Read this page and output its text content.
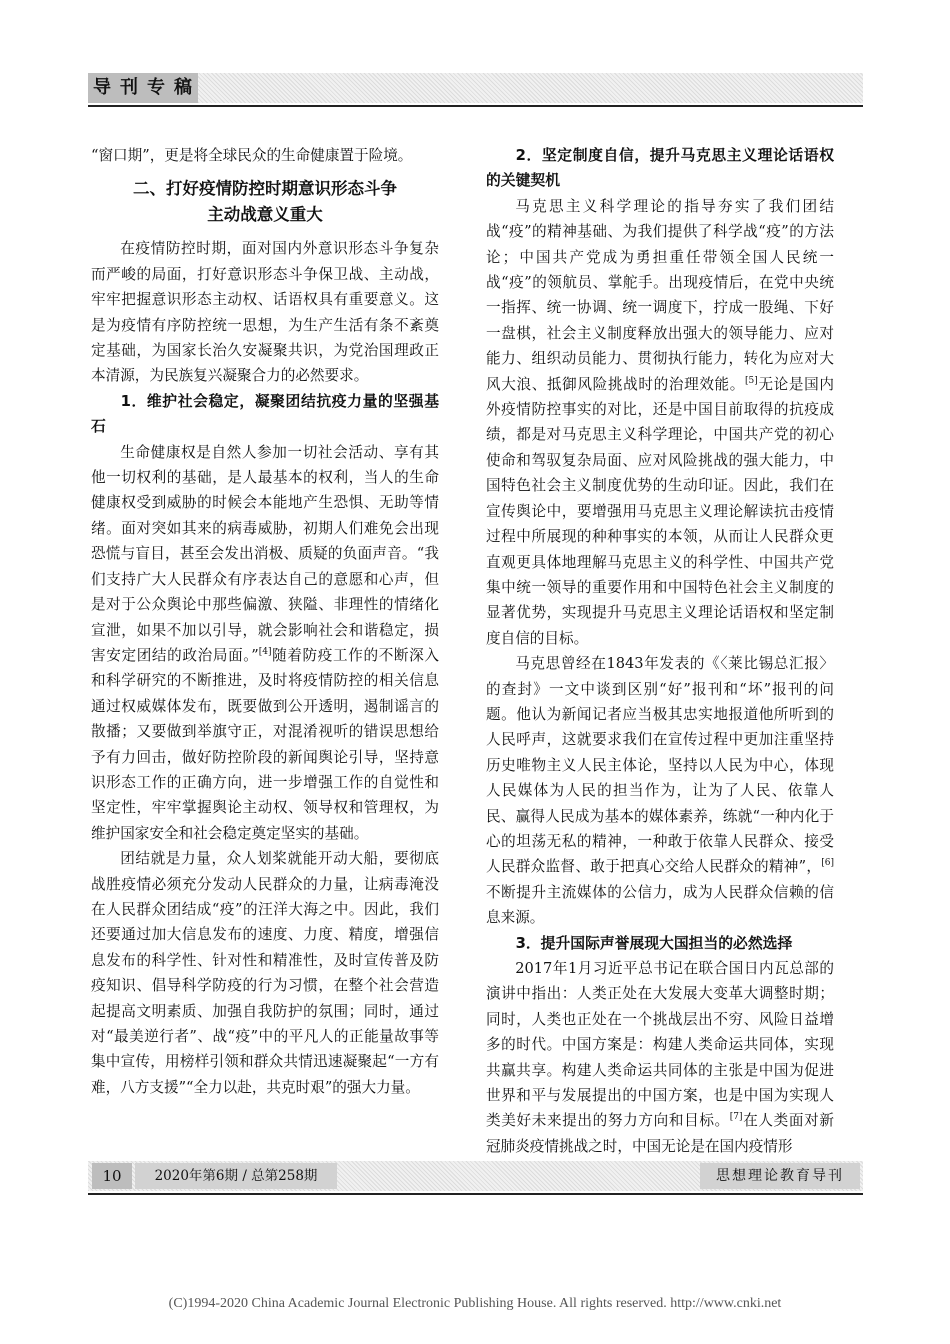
导刊专稿

“窗口期”，更是将全球民众的生命健康置于险境。

二、打好疫情防控时期意识形态斗争
主动战意义重大

在疫情防控时期，面对国内外意识形态斗争复杂而严峻的局面，打好意识形态斗争保卫战、主动战，牢牢把握意识形态主动权、话语权具有重要意义。这是为疫情有序防控统一思想，为生产生活有条不紊奠定基础，为国家长治久安凝聚共识，为党治国理政正本清源，为民族复兴凝聚合力的必然要求。

1．维护社会稳定，凝聚团结抗疫力量的坚强基石

生命健康权是自然人参加一切社会活动、享有其他一切权利的基础，是人最基本的权利，当人的生命健康权受到威胁的时候会本能地产生恐惧、无助等情绪。面对突如其来的病毒威胁，初期人们难免会出现恐慌与盲目，甚至会发出消极、质疑的负面声音。“我们支持广大人民群众有序表达自己的意愿和心声，但是对于公众舆论中那些偏激、狭隘、非理性的情绪化宣泄，如果不加以引导，就会影响社会和谐稳定，损害安定团结的政治局面。”[4]随着防疫工作的不断深入和科学研究的不断推进，及时将疫情防控的相关信息通过权威媒体发布，既要做到公开透明，遏制谣言的散播；又要做到举旗守正，对混淆视听的错误思想给予有力回击，做好防控阶段的新闻舆论引导，坚持意识形态工作的正确方向，进一步增强工作的自觉性和坚定性，牢牢掌握舆论主动权、领导权和管理权，为维护国家安全和社会稳定奠定坚实的基础。

团结就是力量，众人划桨就能开动大船，要彻底战胜疫情必须充分发动人民群众的力量，让病毒淹没在人民群众团结成“疫”的汪洋大海之中。因此，我们还要通过加大信息发布的速度、力度、精度，增强信息发布的科学性、针对性和精准性，及时宣传普及防疫知识、倡导科学防疫的行为习惯，在整个社会营造起提高文明素质、加强自我防护的氛围；同时，通过对“最美逆行者”、战“疫”中的平凡人的正能量故事等集中宣传，用榜样引领和群众共情迅速凝聚起“一方有难，八方支援”“全力以赴，共克时艰”的强大力量。

2．坚定制度自信，提升马克思主义理论话语权的关键契机

马克思主义科学理论的指导夯实了我们团结战“疫”的精神基础、为我们提供了科学战“疫”的方法论；中国共产党成为勇担重任带领全国人民统一战“疫”的领航员、掌舵手。出现疫情后，在党中央统一指挥、统一协调、统一调度下，拧成一股绳、下好一盘棋，社会主义制度释放出强大的领导能力、应对能力、组织动员能力、贯彻执行能力，转化为应对大风大浪、抵御风险挑战时的治理效能。[5]无论是国内外疫情防控事实的对比，还是中国目前取得的抗疫成绩，都是对马克思主义科学理论，中国共产党的初心使命和驾驭复杂局面、应对风险挑战的强大能力，中国特色社会主义制度优势的生动印证。因此，我们在宣传舆论中，要增强用马克思主义理论解读抗击疫情过程中所展现的种种事实的本领，从而让人民群众更直观更具体地理解马克思主义的科学性、中国共产党集中统一领导的重要作用和中国特色社会主义制度的显著优势，实现提升马克思主义理论话语权和坚定制度自信的目标。

马克思曾经在1843年发表的《〈莱比锡总汇报〉的查封》一文中谈到区别“好”报刊和“坏”报刊的问题。他认为新闻记者应当极其忠实地报道他所听到的人民呼声，这就要求我们在宣传过程中更加注重坚持历史唯物主义人民主体论，坚持以人民为中心，体现人民媒体为人民的担当作为，让为了人民、依靠人民、赢得人民成为基本的媒体素养，练就“一种内化于心的坦荡无私的精神，一种敢于依靠人民群众、接受人民群众监督、敢于把真心交给人民群众的精神”，[6]不断提升主流媒体的公信力，成为人民群众信赖的信息来源。

3．提升国际声誉展现大国担当的必然选择

2017年1月习近平总书记在联合国日内瓦总部的演讲中指出：人类正处在大发展大变革大调整时期；同时，人类也正处在一个挑战层出不穷、风险日益增多的时代。中国方案是：构建人类命运共同体，实现共赢共享。构建人类命运共同体的主张是中国为促进世界和平与发展提出的中国方案，也是中国为实现人类美好未来提出的努力方向和目标。[7]在人类面对新冠肺炎疫情挑战之时，中国无论是在国内疫情形

10	2020年第6期 / 总第258期	思想理论教育导刊
(C)1994-2020 China Academic Journal Electronic Publishing House. All rights reserved. http://www.cnki.net
